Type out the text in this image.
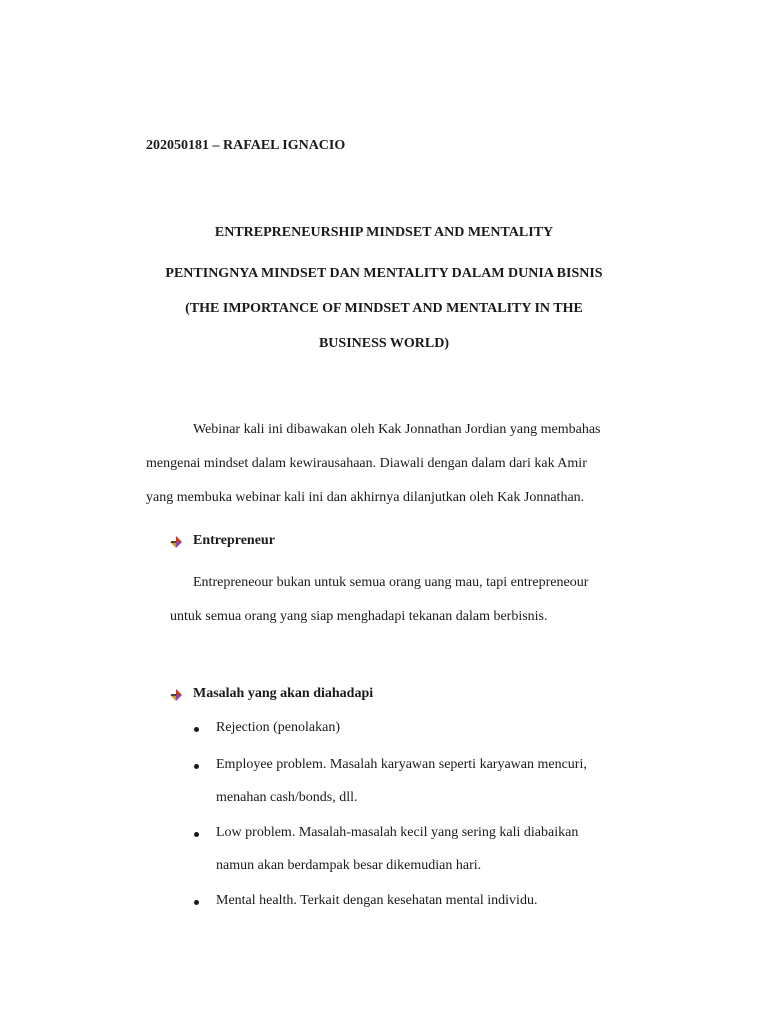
202050181 – RAFAEL IGNACIO
ENTREPRENEURSHIP MINDSET AND MENTALITY
PENTINGNYA MINDSET DAN MENTALITY DALAM DUNIA BISNIS
(THE IMPORTANCE OF MINDSET AND MENTALITY IN THE
BUSINESS WORLD)
Webinar kali ini dibawakan oleh Kak Jonnathan Jordian yang membahas
mengenai mindset dalam kewirausahaan. Diawali dengan dalam dari kak Amir
yang membuka webinar kali ini dan akhirnya dilanjutkan oleh Kak Jonnathan.
Entrepreneur
Entrepreneour bukan untuk semua orang uang mau, tapi entrepreneour
untuk semua orang yang siap menghadapi tekanan dalam berbisnis.
Masalah yang akan diahadapi
Rejection (penolakan)
Employee problem. Masalah karyawan seperti karyawan mencuri,
menahan cash/bonds, dll.
Low problem. Masalah-masalah kecil yang sering kali diabaikan
namun akan berdampak besar dikemudian hari.
Mental health. Terkait dengan kesehatan mental individu.
